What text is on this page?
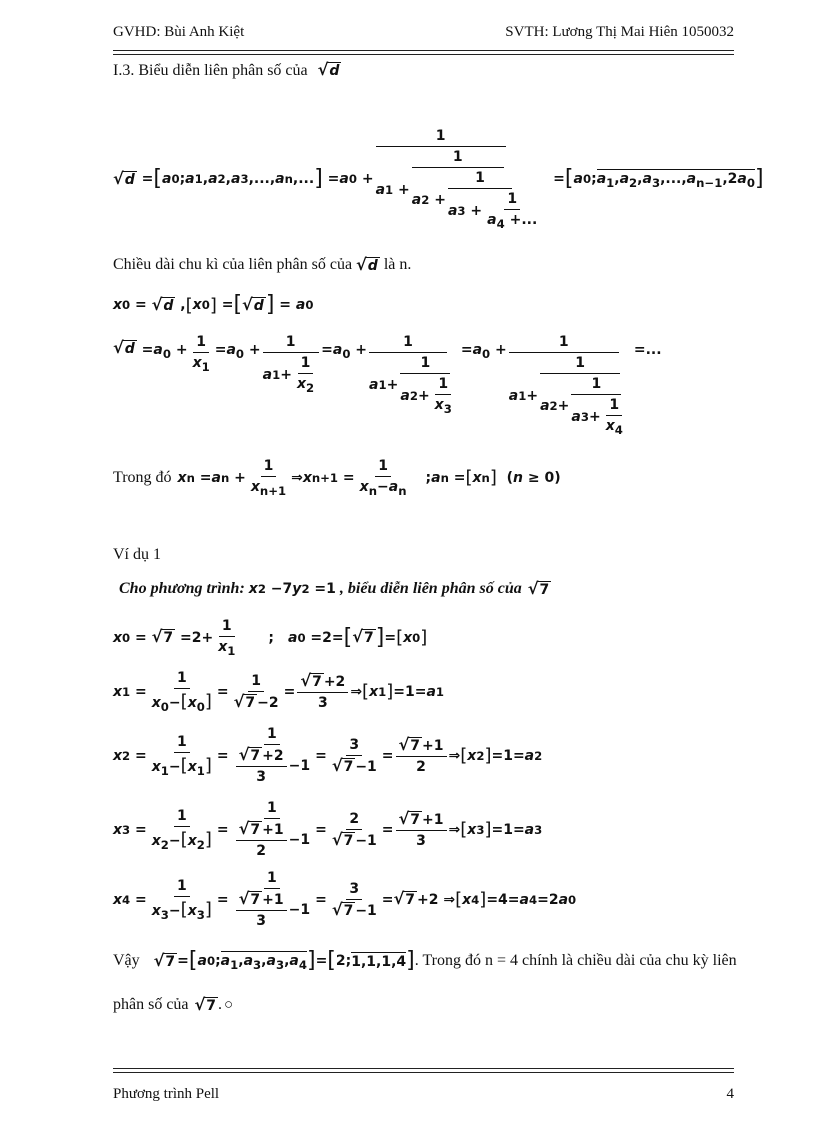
GVHD: Bùi Anh Kiệt	SVTH: Lương Thị Mai Hiên 1050032
I.3. Biểu diễn liên phân số của √ d
√ d = [ a 0 ; a 1 , a 2 , a 3 ,..., a n ,... ] = a 0 +
1
a $1 + \frac{1}{a 2 + \frac{1}{a 3 + \frac{1}{a_4 +...}}}$ = [ a 0 ; $a_1,a_2,a_3,...,a_{n-1},2a_0$ ]
Chiều dài chu kì của liên phân số của √ d là n.
x 0 = √ d , [ x 0 ] = [ √ d ] = a 0
√ $d =a_0 + \frac{1}{x_1} =a_0 + \frac{1}{a 1 + \frac{1}{x_2}} =a_0 + \frac{1}{a 1 + \frac{1}{a 2 + \frac{1}{x_3}}} =a_0 + \frac{1}{a 1 + \frac{1}{a 2 + \frac{1}{a 3 + \frac{1}{x_4}}}}$ =...
Trong đó x n = a $n + \frac{1}{x_{n+1}}$ ⇒ x $n+1 = \frac{1}{x_n-a_n}$ ; a n = [ x n ] ( n ≥ 0)
Ví dụ 1
Cho phương trình: x 2 −7 y 2 =1 , biểu diễn liên phân số của √ 7
x 0 = √ $7 =2+ \frac{1}{x_1}$ ; a 0 =2= [ √ 7 ] = [ x 0 ]
x $1 = \frac{1}{x_0-[x_0]} = \frac{1}{√ 7 -2} = \frac{√ 7 +2}{3}$ ⇒ [ x 1 ] =1= a 1
x $2 = \frac{1}{x_1-[x_1]} = \frac{1}{\frac{√ 7 +2}{3} -1} = \frac{3}{√ 7 -1} = \frac{√ 7 +1}{2}$ ⇒ [ x 2 ] =1= a 2
x $3 = \frac{1}{x_2-[x_2]} = \frac{1}{\frac{√ 7 +1}{2} -1} = \frac{2}{√ 7 -1} = \frac{√ 7 +1}{3}$ ⇒ [ x 3 ] =1= a 3
x $4 = \frac{1}{x_3-[x_3]} = \frac{1}{\frac{√ 7 +1}{3} -1} = \frac{3}{√ 7 -1}$ = √ 7 +2 ⇒ [ x 4 ] =4= a 4 =2 a 0
Vậy √ 7 = [ a 0 ; $a_1,a_3,a_3,a_4$ ] = [ 2; 1,1,1,4 ] . Trong đó n = 4 chính là chiều dài của chu kỳ liên
phân số của √ 7 . ○
Phương trình Pell	4
